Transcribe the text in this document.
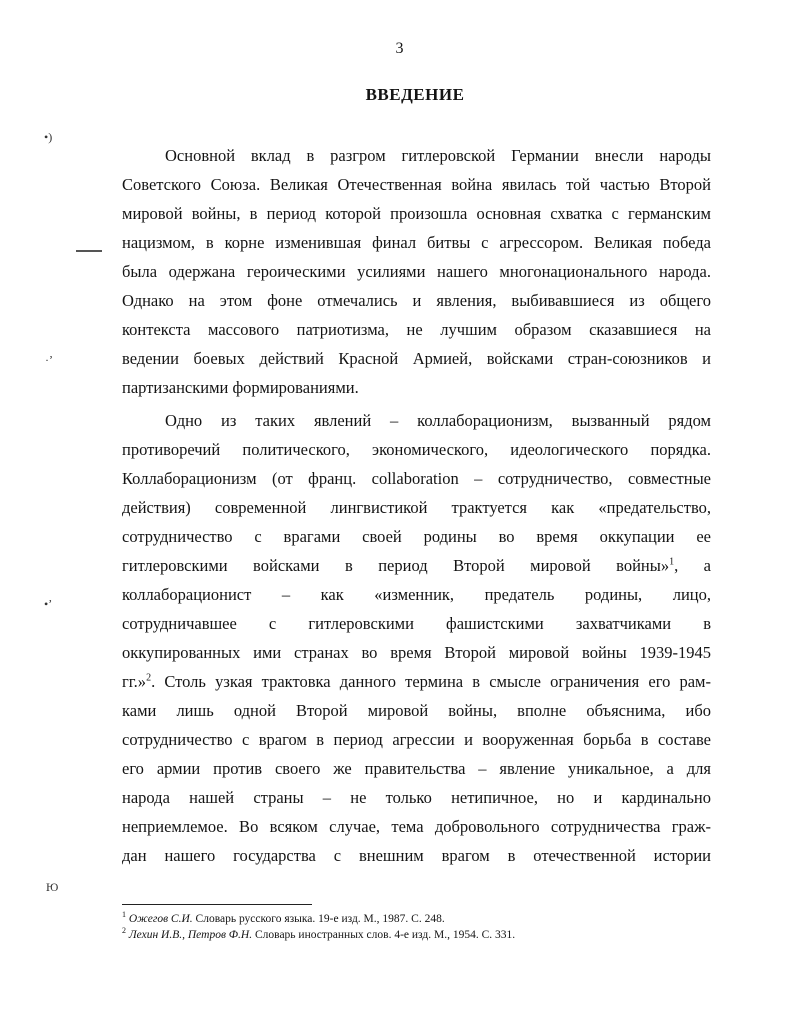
3
ВВЕДЕНИЕ
Основной вклад в разгром гитлеровской Германии внесли народы
Советского Союза. Великая Отечественная война явилась той частью Второй
мировой войны, в период которой произошла основная схватка с германским
нацизмом, в корне изменившая финал битвы с агрессором. Великая победа
была одержана героическими усилиями нашего многонационального народа.
Однако на этом фоне отмечались и явления, выбивавшиеся из общего
контекста массового патриотизма, не лучшим образом сказавшиеся на
ведении боевых действий Красной Армией, войсками стран-союзников и
партизанскими формированиями.
Одно из таких явлений – коллаборационизм, вызванный рядом
противоречий политического, экономического, идеологического порядка.
Коллаборационизм (от франц. collaboration – сотрудничество, совместные
действия) современной лингвистикой трактуется как «предательство,
сотрудничество с врагами своей родины во время оккупации ее
гитлеровскими войсками в период Второй мировой войны»$^1$, а
коллаборационист – как «изменник, предатель родины, лицо,
сотрудничавшее с гитлеровскими фашистскими захватчиками в
оккупированных ими странах во время Второй мировой войны 1939-1945
гг.»$^2$. Столь узкая трактовка данного термина в смысле ограничения его рам-
ками лишь одной Второй мировой войны, вполне объяснима, ибо
сотрудничество с врагом в период агрессии и вооруженная борьба в составе
его армии против своего же правительства – явление уникальное, а для
народа нашей страны – не только нетипичное, но и кардинально
неприемлемое. Во всяком случае, тема добровольного сотрудничества граж-
дан нашего государства с внешним врагом в отечественной истории
$^1$ Ожегов С.И. Словарь русского языка. 19-е изд. М., 1987. С. 248.
$^2$ Лехин И.В., Петров Ф.Н. Словарь иностранных слов. 4-е изд. М., 1954. С. 331.
•)
·ʼ
•ʼ
Ю
